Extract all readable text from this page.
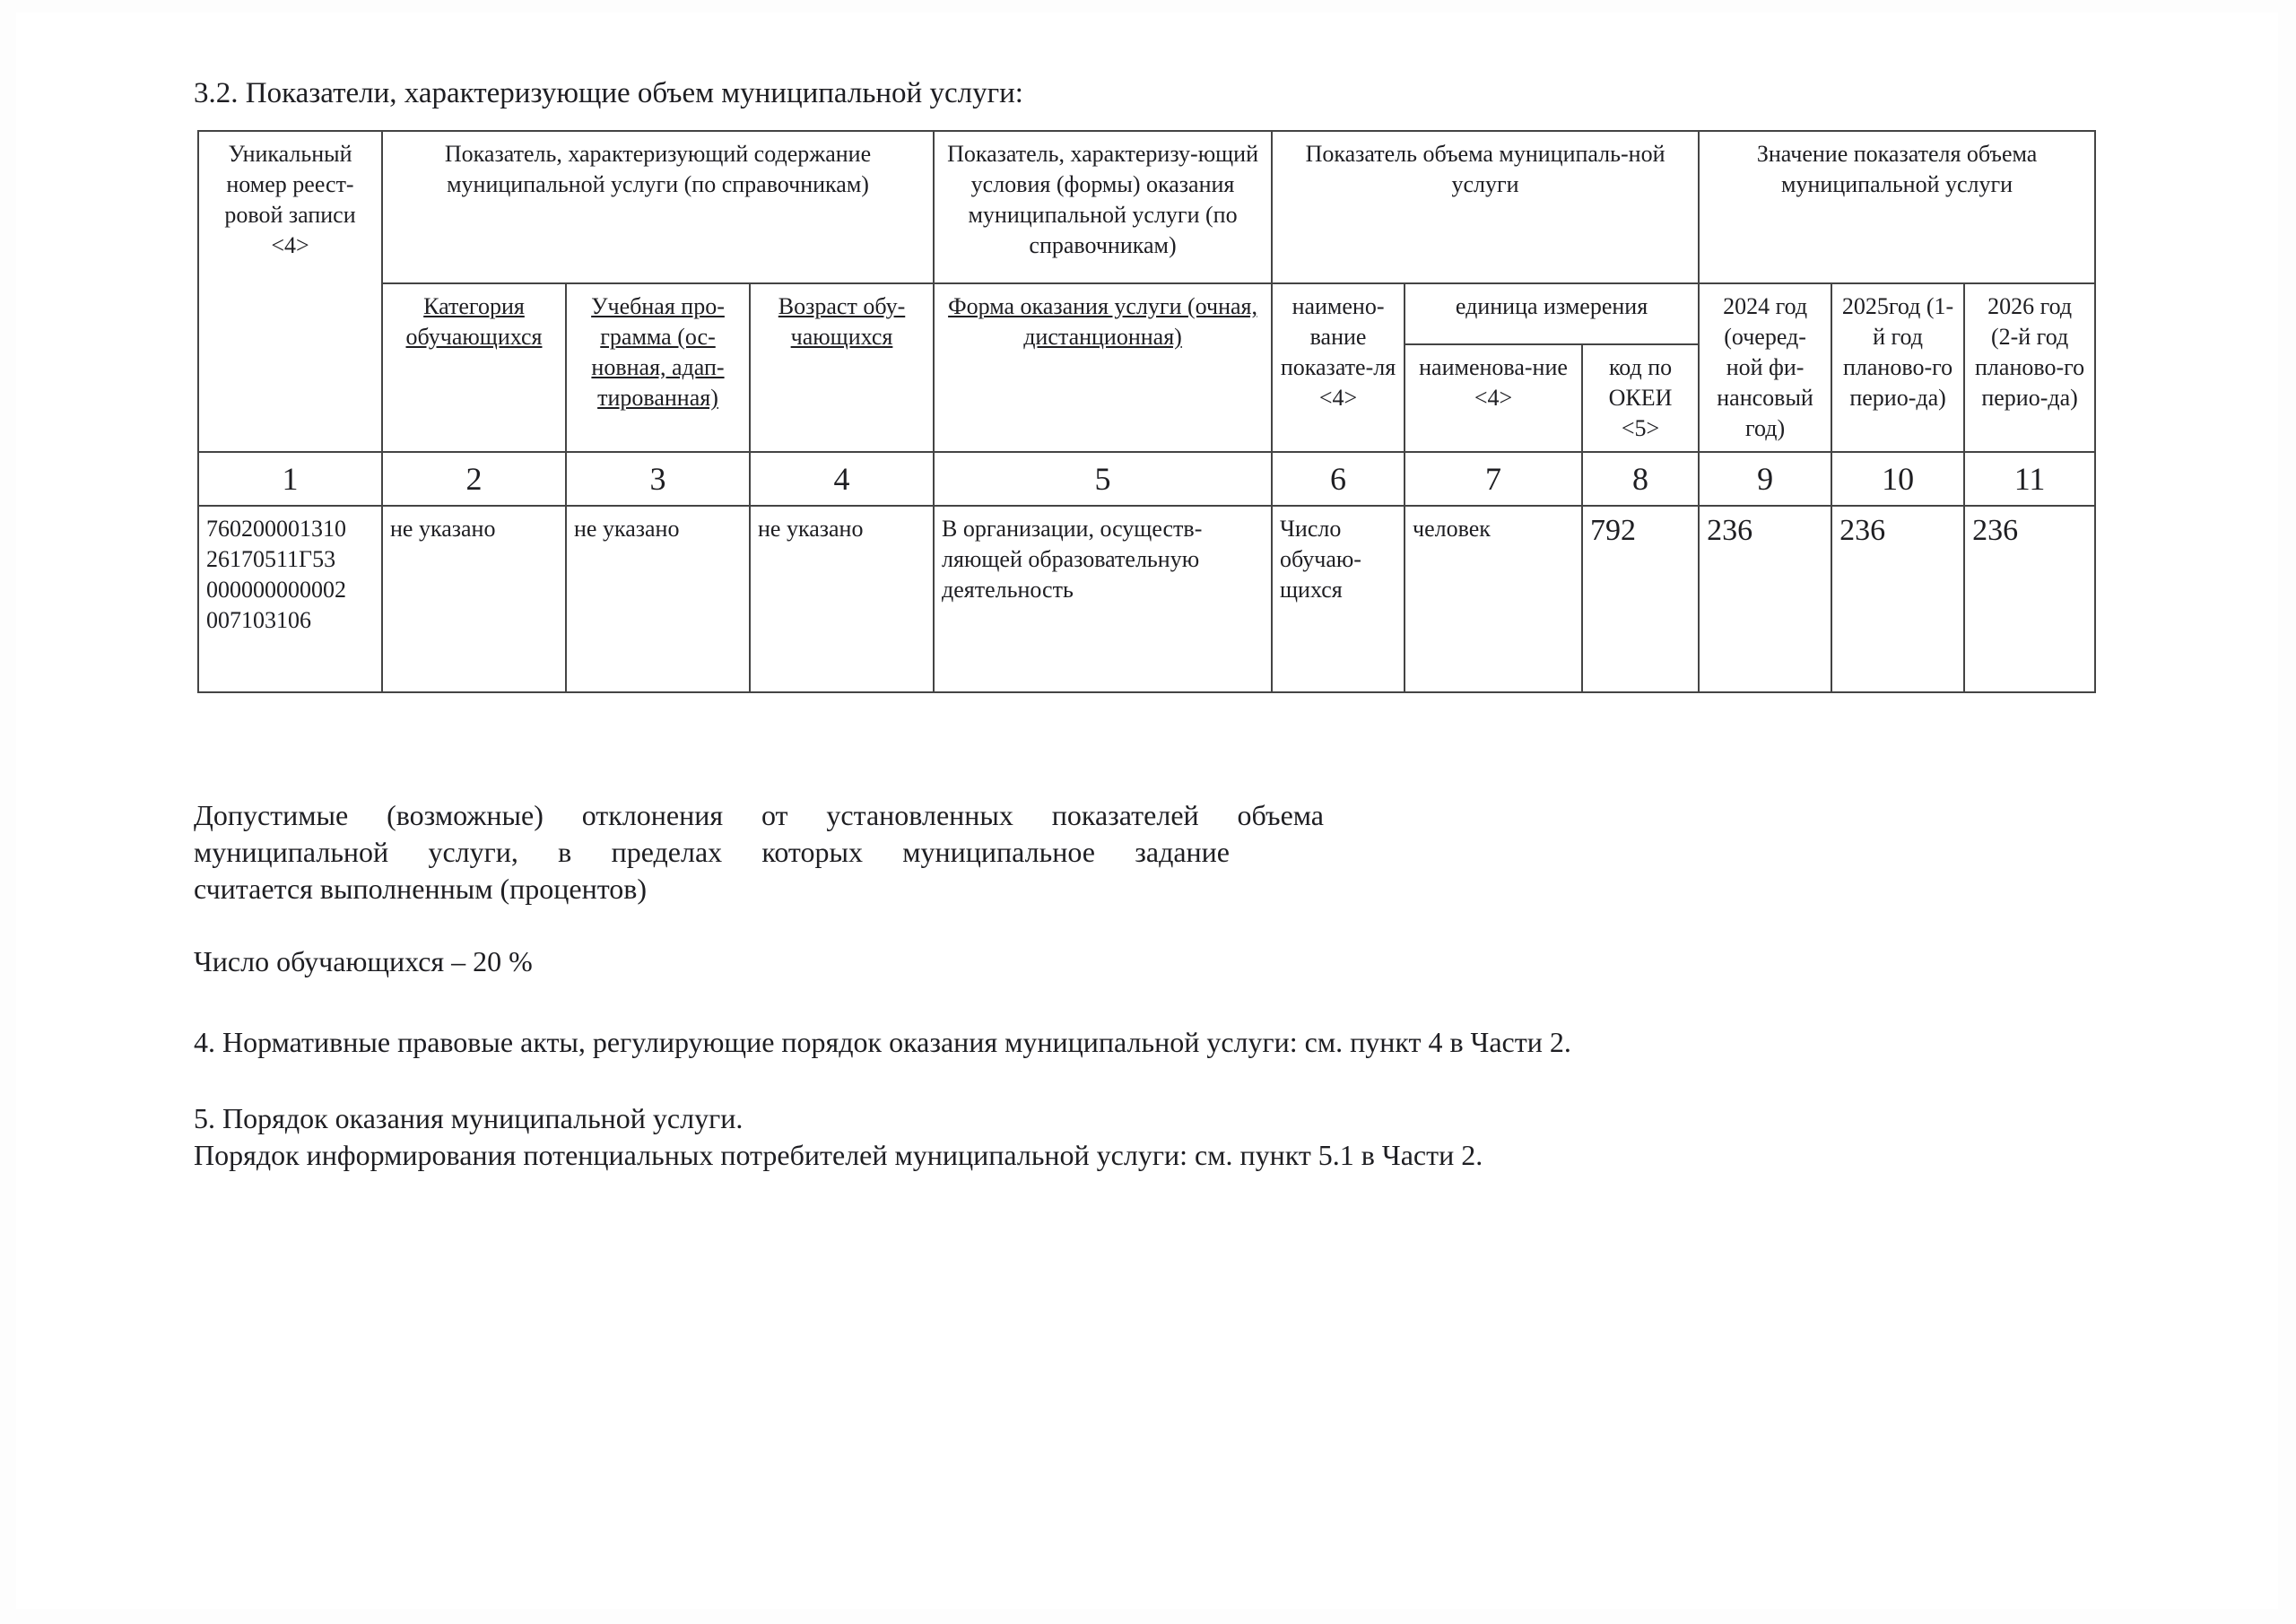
3.2. Показатели, характеризующие объем муниципальной услуги:
Уникальный номер реест-ровой записи <4>	Показатель, характеризующий содержание муниципальной услуги (по справочникам)			Показатель, характеризу-ющий условия (формы) оказания муниципальной услуги (по справочникам)	Показатель объема муниципаль-ной услуги			Значение показателя объема муниципальной услуги		
	Категория обучающихся	Учебная про-грамма (ос-новная, адап-тированная)	Возраст обу-чающихся	Форма оказания услуги (очная, дистанционная)	наимено-вание показате-ля <4>	единица измерения		2024 год (очеред-ной фи-нансовый год)	2025год (1-й год планово-го перио-да)	2026 год (2-й год планово-го перио-да)
						наименова-ние <4>	код по ОКЕИ <5>			
1	2	3	4	5	6	7	8	9	10	11
760200001310 26170511Г53 000000000002 007103106	не указано	не указано	не указано	В организации, осуществ-ляющей образовательную деятельность	Число обучаю-щихся	человек	792	236	236	236
Допустимые (возможные) отклонения от установленных показателей объема
муниципальной услуги, в пределах которых муниципальное задание
считается выполненным (процентов)
Число обучающихся – 20 %
4. Нормативные правовые акты, регулирующие порядок оказания муниципальной услуги: см. пункт 4 в Части 2.
5. Порядок оказания муниципальной услуги.
Порядок информирования потенциальных потребителей муниципальной услуги: см. пункт 5.1 в Части 2.
